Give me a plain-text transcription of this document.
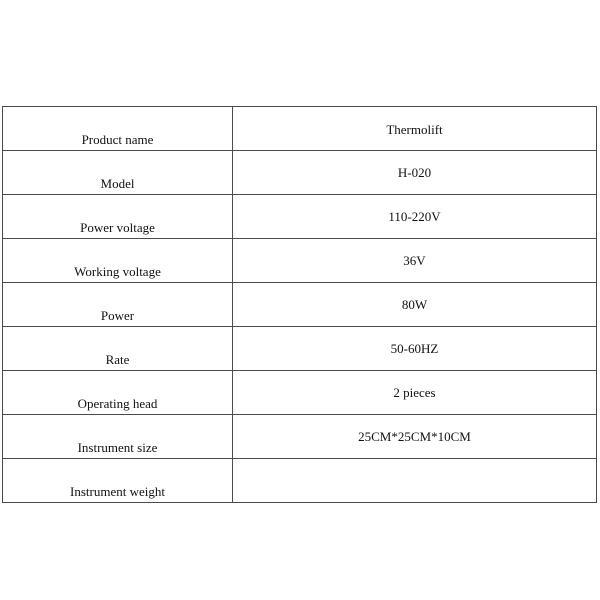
Product name	Thermolift
Model	H-020
Power voltage	110-220V
Working voltage	36V
Power	80W
Rate	50-60HZ
Operating head	2 pieces
Instrument size	25CM*25CM*10CM
Instrument weight	
